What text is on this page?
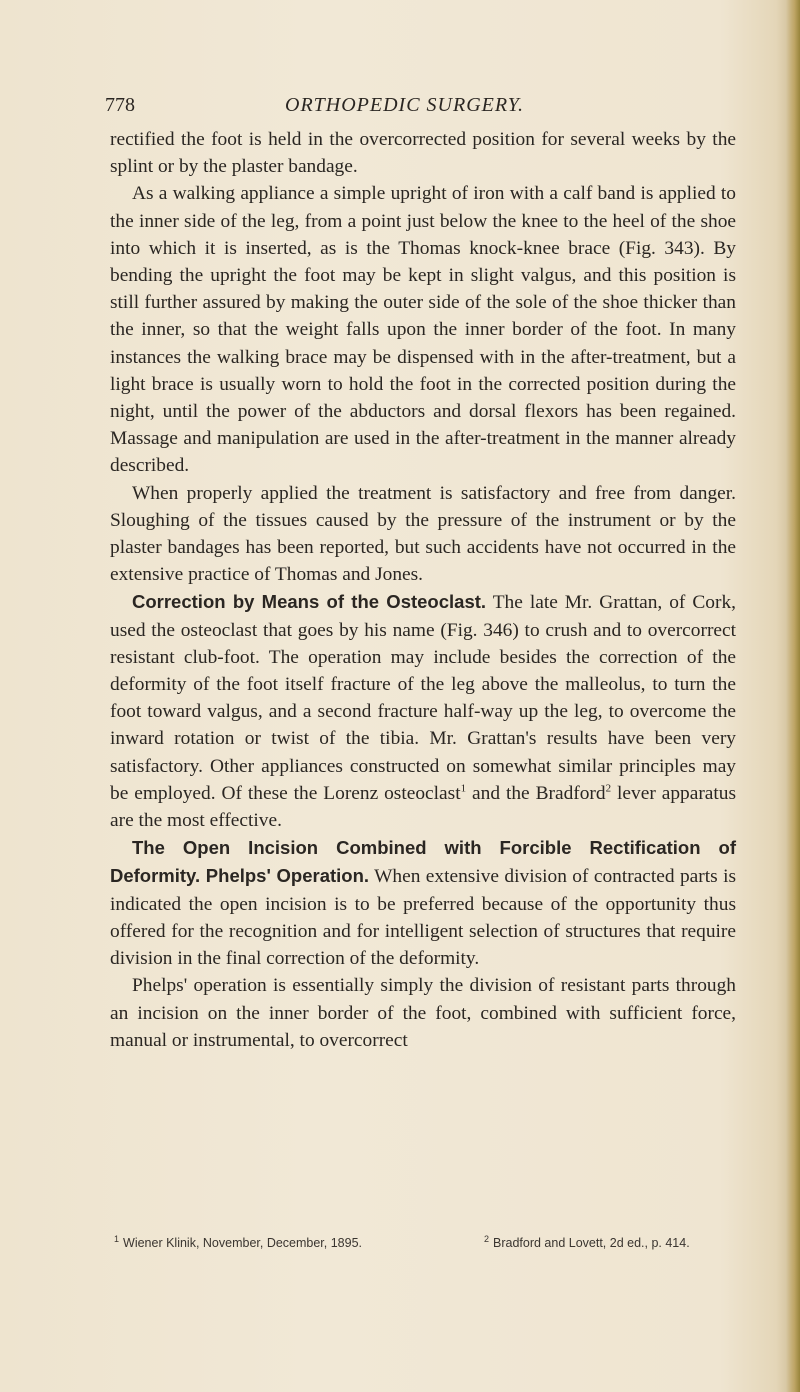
778	ORTHOPEDIC SURGERY.

rectified the foot is held in the overcorrected position for several weeks by the splint or by the plaster bandage.

As a walking appliance a simple upright of iron with a calf band is applied to the inner side of the leg, from a point just below the knee to the heel of the shoe into which it is inserted, as is the Thomas knock-knee brace (Fig. 343). By bending the upright the foot may be kept in slight valgus, and this position is still further assured by making the outer side of the sole of the shoe thicker than the inner, so that the weight falls upon the inner border of the foot. In many instances the walking brace may be dispensed with in the after-treatment, but a light brace is usually worn to hold the foot in the corrected position during the night, until the power of the abductors and dorsal flexors has been regained. Massage and manipulation are used in the after-treatment in the manner already described.

When properly applied the treatment is satisfactory and free from danger. Sloughing of the tissues caused by the pressure of the instrument or by the plaster bandages has been reported, but such accidents have not occurred in the extensive practice of Thomas and Jones.

Correction by Means of the Osteoclast. The late Mr. Grattan, of Cork, used the osteoclast that goes by his name (Fig. 346) to crush and to overcorrect resistant club-foot. The operation may include besides the correction of the deformity of the foot itself fracture of the leg above the malleolus, to turn the foot toward valgus, and a second fracture half-way up the leg, to overcome the inward rotation or twist of the tibia. Mr. Grattan's results have been very satisfactory. Other appliances constructed on somewhat similar principles may be employed. Of these the Lorenz osteoclast$^1$ and the Bradford$^2$ lever apparatus are the most effective.

The Open Incision Combined with Forcible Rectification of Deformity. Phelps' Operation. When extensive division of contracted parts is indicated the open incision is to be preferred because of the opportunity thus offered for the recognition and for intelligent selection of structures that require division in the final correction of the deformity.

Phelps' operation is essentially simply the division of resistant parts through an incision on the inner border of the foot, combined with sufficient force, manual or instrumental, to overcorrect

$^1$ Wiener Klinik, November, December, 1895.	$^2$ Bradford and Lovett, 2d ed., p. 414.
